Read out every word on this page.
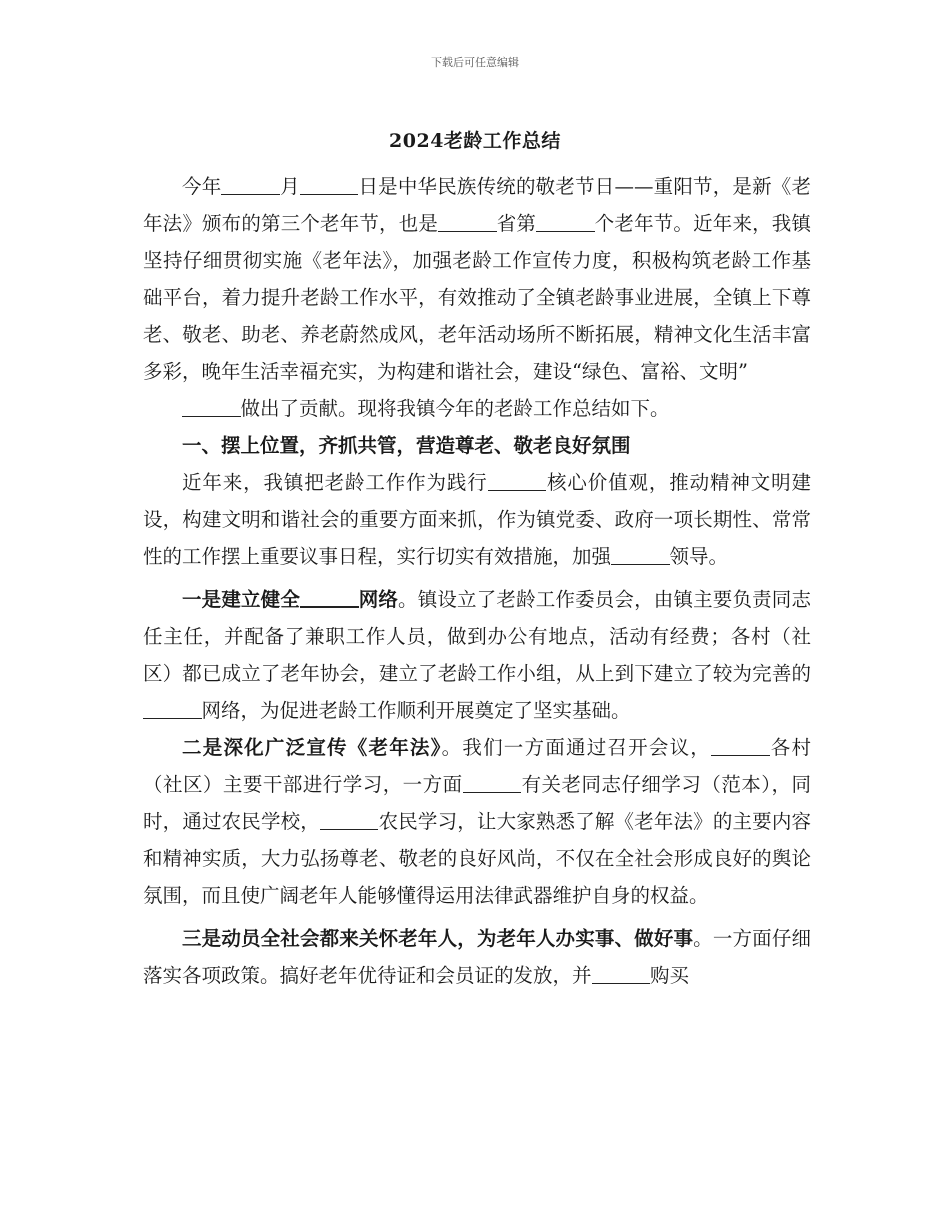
下载后可任意编辑
2024老龄工作总结

今年	月	日是中华民族传统的敬老节日——重阳节，是新《老年法》颁布的第三个老年节，也是	省第	个老年节。近年来，我镇坚持仔细贯彻实施《老年法》，加强老龄工作宣传力度，积极构筑老龄工作基础平台，着力提升老龄工作水平，有效推动了全镇老龄事业进展，全镇上下尊老、敬老、助老、养老蔚然成风，老年活动场所不断拓展，精神文化生活丰富多彩，晚年生活幸福充实，为构建和谐社会，建设“绿色、富裕、文明”

做出了贡献。现将我镇今年的老龄工作总结如下。

一、摆上位置，齐抓共管，营造尊老、敬老良好氛围

近年来，我镇把老龄工作作为践行	核心价值观，推动精神文明建设，构建文明和谐社会的重要方面来抓，作为镇党委、政府一项长期性、常常性的工作摆上重要议事日程，实行切实有效措施，加强	领导。

一是建立健全	网络。镇设立了老龄工作委员会，由镇主要负责同志任主任，并配备了兼职工作人员，做到办公有地点，活动有经费；各村（社区）都已成立了老年协会，建立了老龄工作小组，从上到下建立了较为完善的网络，为促进老龄工作顺利开展奠定了坚实基础。

二是深化广泛宣传《老年法》。我们一方面通过召开会议，	各村（社区）主要干部进行学习，一方面	有关老同志仔细学习（范本），同时，通过农民学校，	农民学习，让大家熟悉了解《老年法》的主要内容和精神实质，大力弘扬尊老、敬老的良好风尚，不仅在全社会形成良好的舆论氛围，而且使广阔老年人能够懂得运用法律武器维护自身的权益。

三是动员全社会都来关怀老年人，为老年人办实事、做好事。一方面仔细落实各项政策。搞好老年优待证和会员证的发放，并	购买
